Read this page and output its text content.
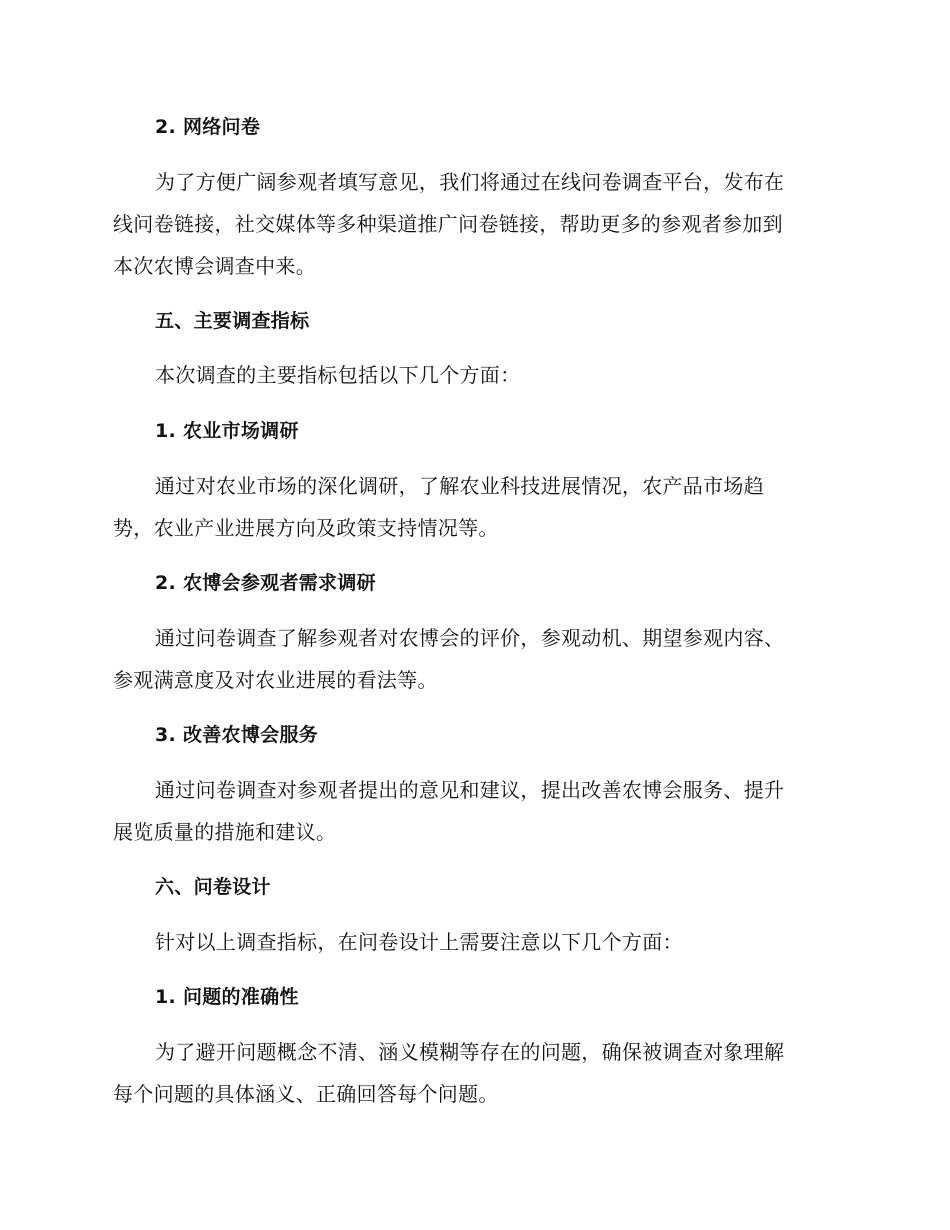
2. 网络问卷
为了方便广阔参观者填写意见，我们将通过在线问卷调查平台，发布在
线问卷链接，社交媒体等多种渠道推广问卷链接，帮助更多的参观者参加到
本次农博会调查中来。
五、主要调查指标
本次调查的主要指标包括以下几个方面：
1. 农业市场调研
通过对农业市场的深化调研，了解农业科技进展情况，农产品市场趋
势，农业产业进展方向及政策支持情况等。
2. 农博会参观者需求调研
通过问卷调查了解参观者对农博会的评价，参观动机、期望参观内容、
参观满意度及对农业进展的看法等。
3. 改善农博会服务
通过问卷调查对参观者提出的意见和建议，提出改善农博会服务、提升
展览质量的措施和建议。
六、问卷设计
针对以上调查指标，在问卷设计上需要注意以下几个方面：
1. 问题的准确性
为了避开问题概念不清、涵义模糊等存在的问题，确保被调查对象理解
每个问题的具体涵义、正确回答每个问题。
